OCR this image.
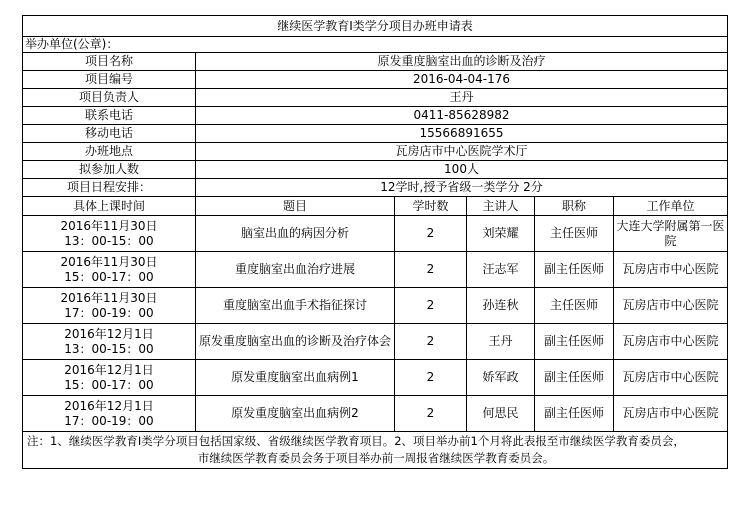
继续医学教育I类学分项目办班申请表					
举办单位(公章)：					
项目名称	原发重度脑室出血的诊断及治疗				
项目编号	2016-04-04-176				
项目负责人	王丹				
联系电话	0411-85628982				
移动电话	15566891655				
办班地点	瓦房店市中心医院学术厅				
拟参加人数	100人				
项目日程安排：	12学时,授予省级一类学分 2分				
具体上课时间	题目	学时数	主讲人	职称	工作单位
2016年11月30日
13：00-15：00	脑室出血的病因分析	2	刘荣耀	主任医师	大连大学附属第一医院
2016年11月30日
15：00-17：00	重度脑室出血治疗进展	2	汪志军	副主任医师	瓦房店市中心医院
2016年11月30日
17：00-19：00	重度脑室出血手术指征探讨	2	孙连秋	主任医师	瓦房店市中心医院
2016年12月1日
13：00-15：00	原发重度脑室出血的诊断及治疗体会	2	王丹	副主任医师	瓦房店市中心医院
2016年12月1日
15：00-17：00	原发重度脑室出血病例1	2	娇军政	副主任医师	瓦房店市中心医院
2016年12月1日
17：00-19：00	原发重度脑室出血病例2	2	何思民	副主任医师	瓦房店市中心医院

注：1、继续医学教育Ⅰ类学分项目包括国家级、省级继续医学教育项目。2、项目举办前1个月将此表报至市继续医学教育委员会，
市继续医学教育委员会务于项目举办前一周报省继续医学教育委员会。					
